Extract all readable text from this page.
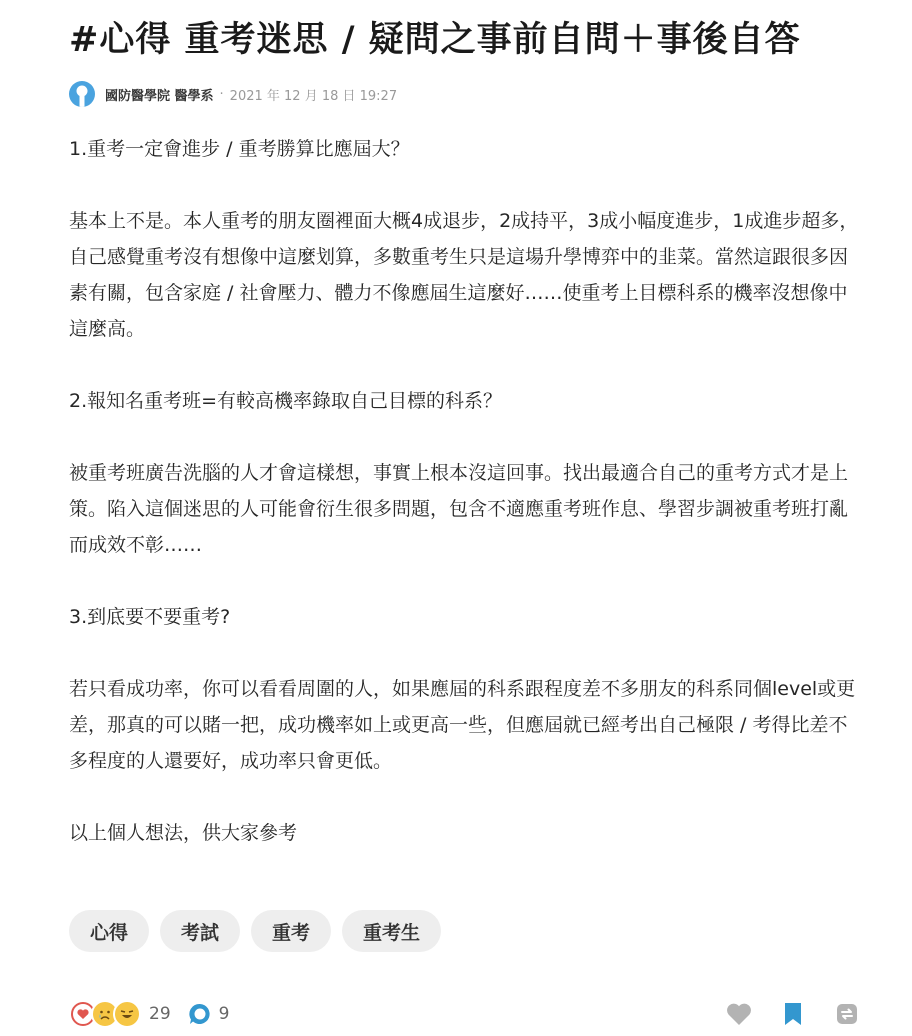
#心得 重考迷思 / 疑問之事前自問＋事後自答
國防醫學院 醫學系 · 2021 年 12 月 18 日 19:27

1.重考一定會進步 / 重考勝算比應屆大？

基本上不是。本人重考的朋友圈裡面大概4成退步，2成持平，3成小幅度進步，1成進步超多，自己感覺重考沒有想像中這麼划算，多數重考生只是這場升學博弈中的韭菜。當然這跟很多因素有關，包含家庭 / 社會壓力、體力不像應屆生這麼好……使重考上目標科系的機率沒想像中這麼高。

2.報知名重考班=有較高機率錄取自己目標的科系？

被重考班廣告洗腦的人才會這樣想，事實上根本沒這回事。找出最適合自己的重考方式才是上策。陷入這個迷思的人可能會衍生很多問題，包含不適應重考班作息、學習步調被重考班打亂而成效不彰……

3.到底要不要重考?

若只看成功率，你可以看看周圍的人，如果應屆的科系跟程度差不多朋友的科系同個level或更差，那真的可以賭一把，成功機率如上或更高一些，但應屆就已經考出自己極限 / 考得比差不多程度的人還要好，成功率只會更低。

以上個人想法，供大家參考

心得	考試	重考	重考生
29	9
